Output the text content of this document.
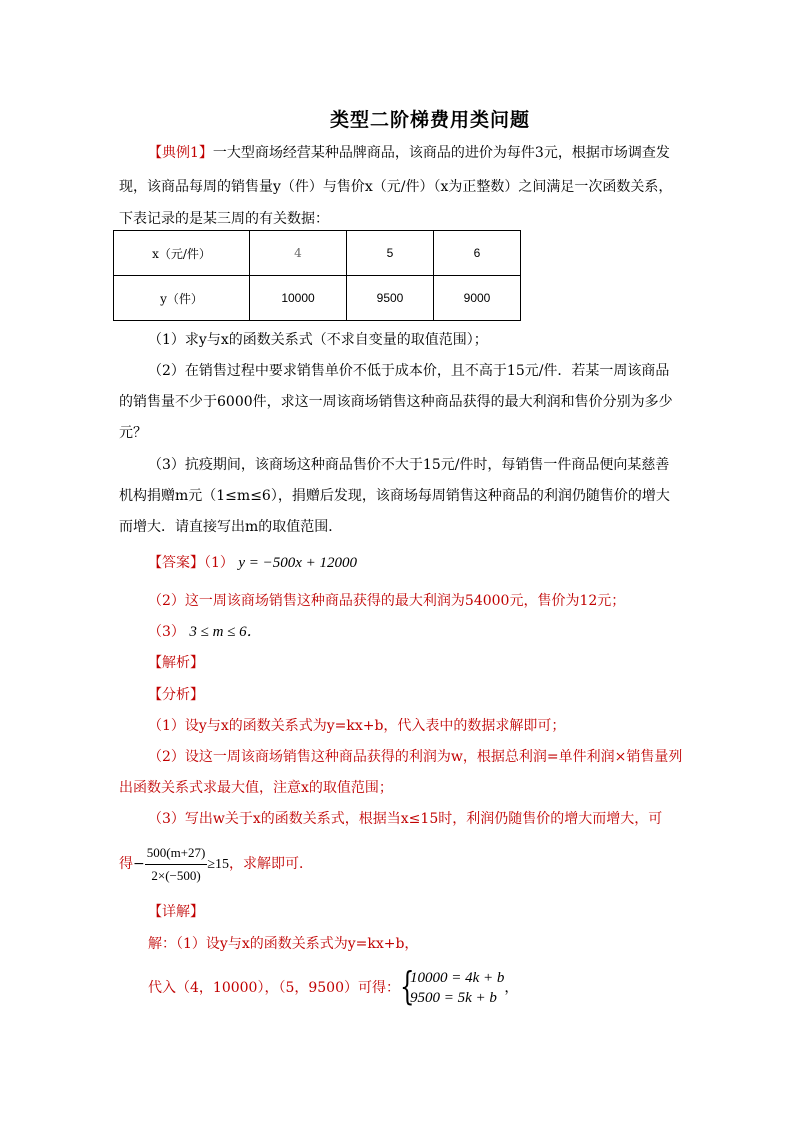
类型二阶梯费用类问题
【典例1】一大型商场经营某种品牌商品，该商品的进价为每件3元，根据市场调查发
现，该商品每周的销售量y（件）与售价x（元/件）（x为正整数）之间满足一次函数关系，
下表记录的是某三周的有关数据：
x（元/件）	4	5	6
y（件）	10000	9500	9000
（1）求y与x的函数关系式（不求自变量的取值范围）；
（2）在销售过程中要求销售单价不低于成本价，且不高于15元/件．若某一周该商品
的销售量不少于6000件，求这一周该商场销售这种商品获得的最大利润和售价分别为多少
元？
（3）抗疫期间，该商场这种商品售价不大于15元/件时，每销售一件商品便向某慈善
机构捐赠m元（1≤m≤6），捐赠后发现，该商场每周销售这种商品的利润仍随售价的增大
而增大．请直接写出m的取值范围．
【答案】（1） y = −500x + 12000
（2）这一周该商场销售这种商品获得的最大利润为54000元，售价为12元；
（3） 3 ≤ m ≤ 6．
【解析】
【分析】
（1）设y与x的函数关系式为y=kx+b，代入表中的数据求解即可；
（2）设这一周该商场销售这种商品获得的利润为w，根据总利润=单件利润×销售量列
出函数关系式求最大值，注意x的取值范围；
（3）写出w关于x的函数关系式，根据当x≤15时，利润仍随售价的增大而增大，可
得− $\frac{500(m+27)}{2\times(-500)} \ge 15$，求解即可．
【详解】
解：（1）设y与x的函数关系式为y=kx+b，
代入（4，10000），（5，9500）可得： {
10000 = 4k + b
9500 = 5k + b
，
